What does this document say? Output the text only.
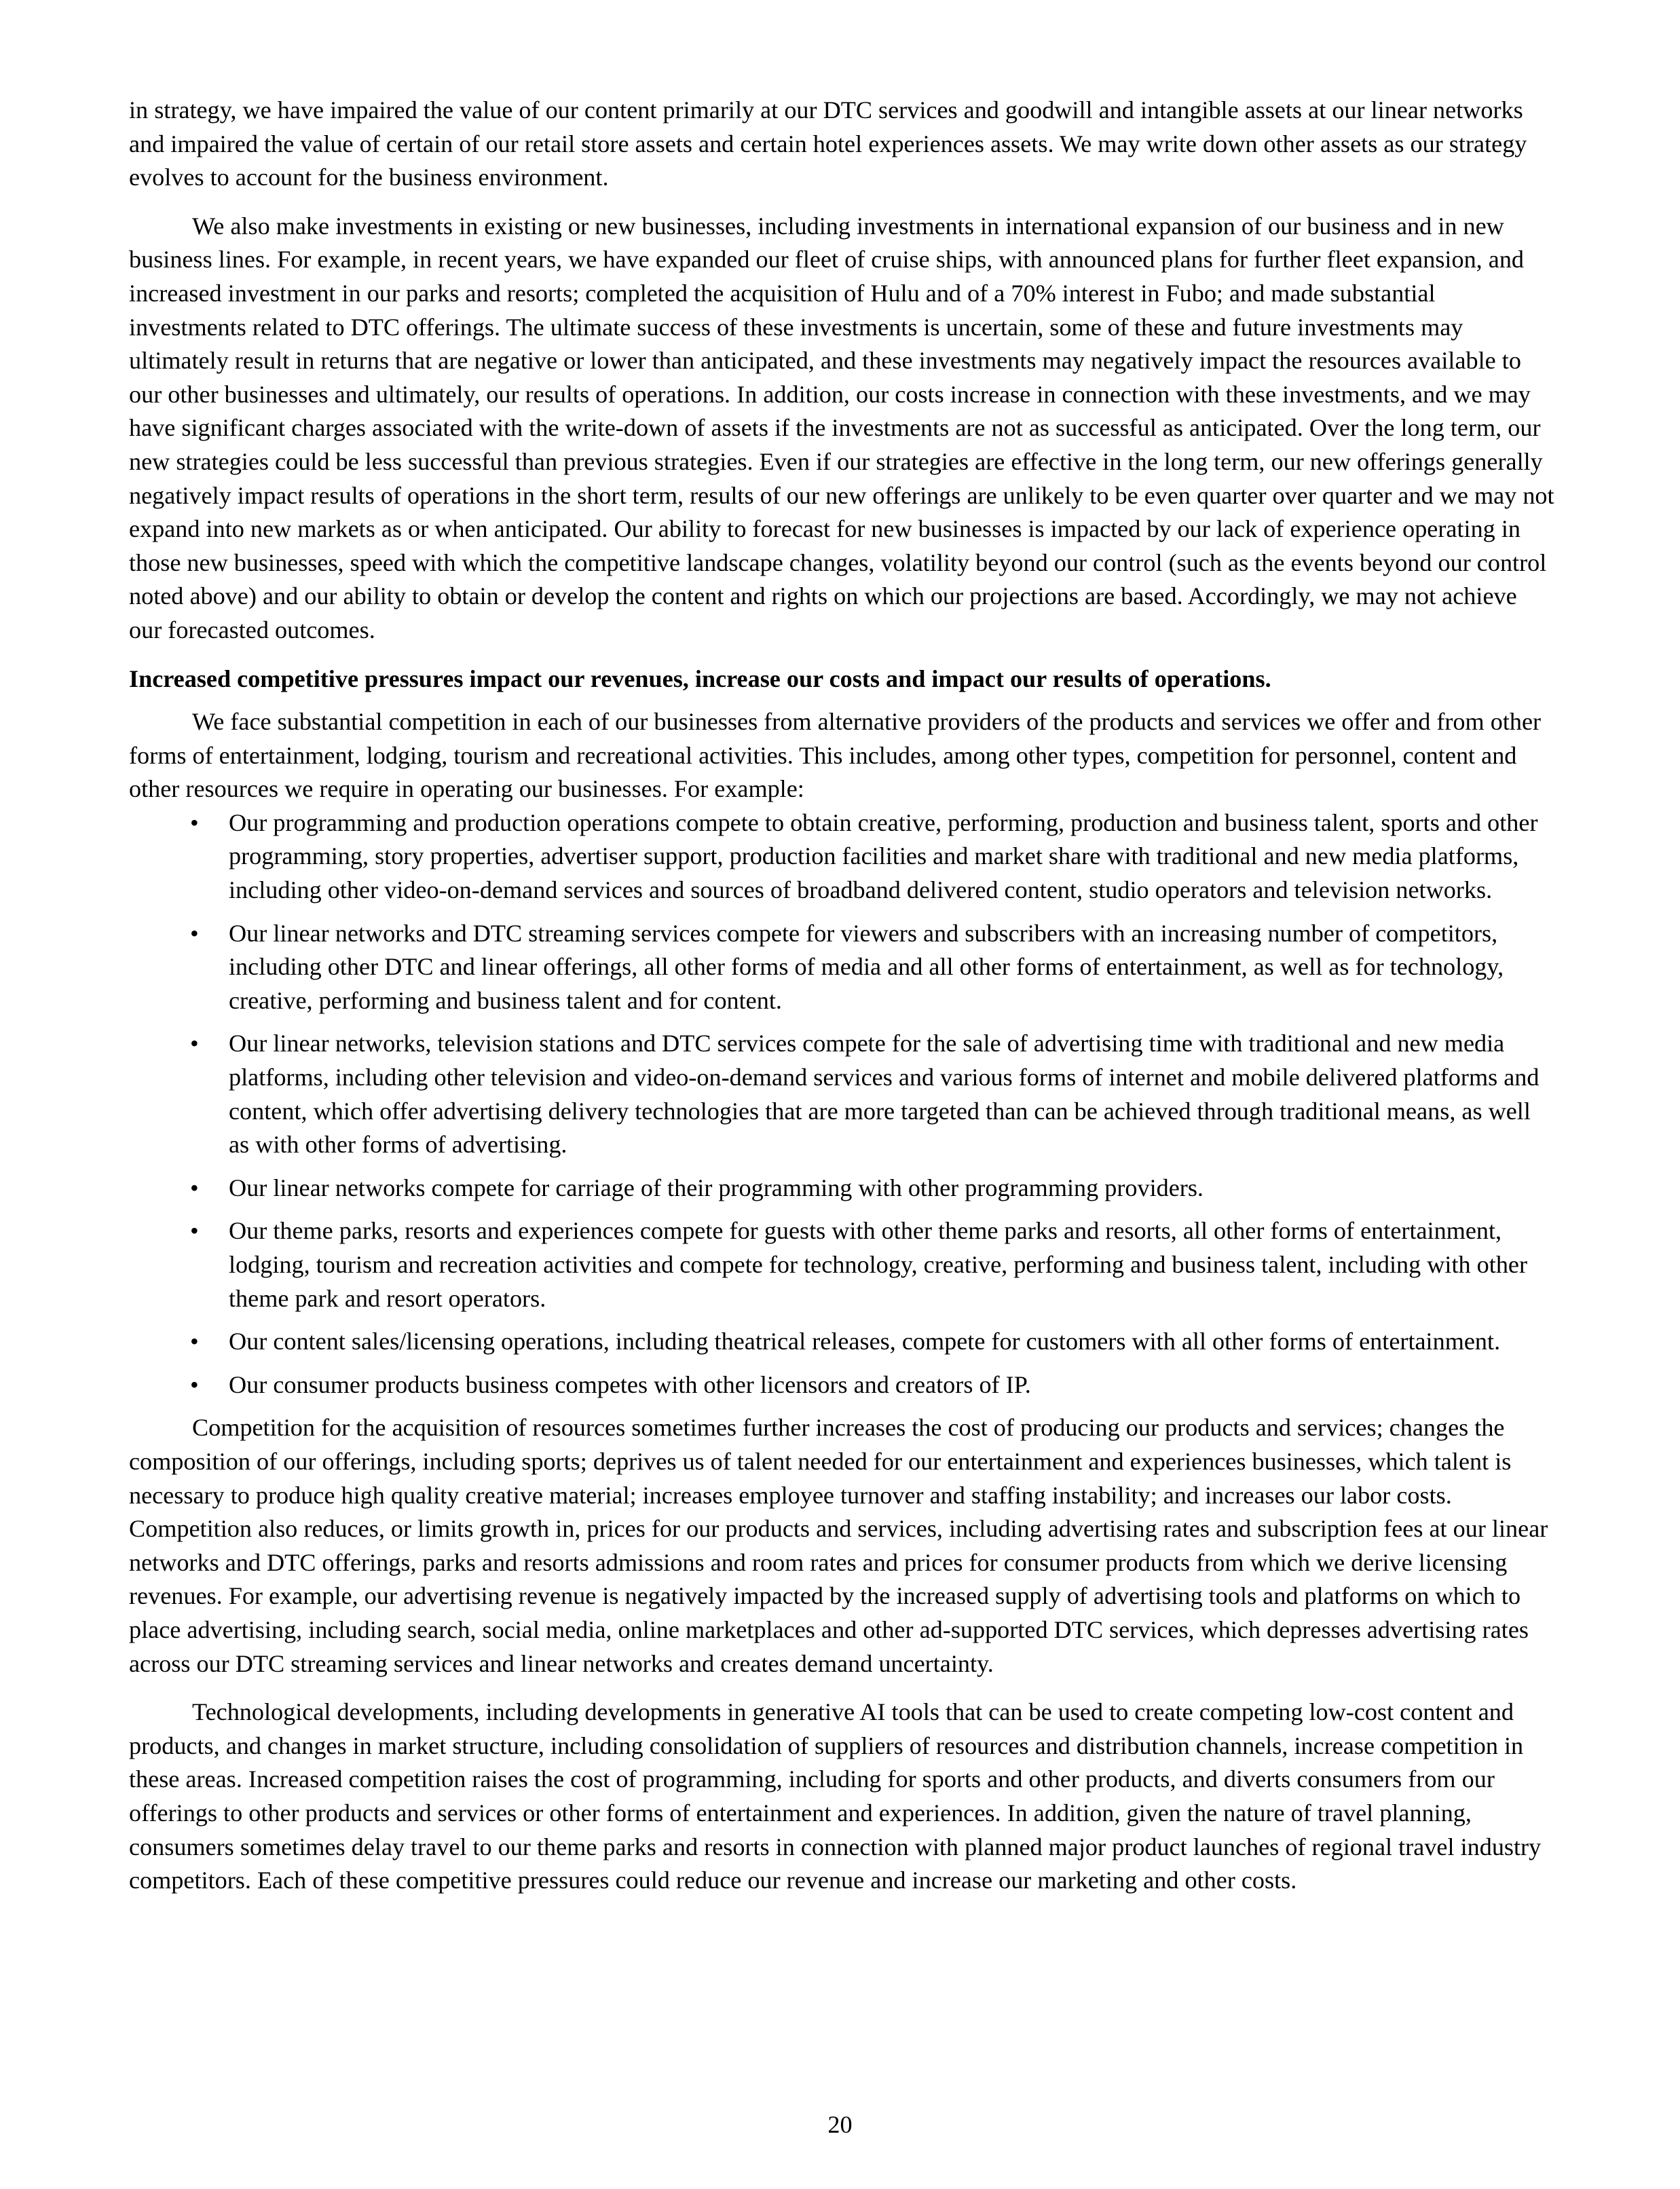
in strategy, we have impaired the value of our content primarily at our DTC services and goodwill and intangible assets at our linear networks and impaired the value of certain of our retail store assets and certain hotel experiences assets. We may write down other assets as our strategy evolves to account for the business environment.

We also make investments in existing or new businesses, including investments in international expansion of our business and in new business lines. For example, in recent years, we have expanded our fleet of cruise ships, with announced plans for further fleet expansion, and increased investment in our parks and resorts; completed the acquisition of Hulu and of a 70% interest in Fubo; and made substantial investments related to DTC offerings. The ultimate success of these investments is uncertain, some of these and future investments may ultimately result in returns that are negative or lower than anticipated, and these investments may negatively impact the resources available to our other businesses and ultimately, our results of operations. In addition, our costs increase in connection with these investments, and we may have significant charges associated with the write-down of assets if the investments are not as successful as anticipated. Over the long term, our new strategies could be less successful than previous strategies. Even if our strategies are effective in the long term, our new offerings generally negatively impact results of operations in the short term, results of our new offerings are unlikely to be even quarter over quarter and we may not expand into new markets as or when anticipated. Our ability to forecast for new businesses is impacted by our lack of experience operating in those new businesses, speed with which the competitive landscape changes, volatility beyond our control (such as the events beyond our control noted above) and our ability to obtain or develop the content and rights on which our projections are based. Accordingly, we may not achieve our forecasted outcomes.

Increased competitive pressures impact our revenues, increase our costs and impact our results of operations.

We face substantial competition in each of our businesses from alternative providers of the products and services we offer and from other forms of entertainment, lodging, tourism and recreational activities. This includes, among other types, competition for personnel, content and other resources we require in operating our businesses. For example:

• Our programming and production operations compete to obtain creative, performing, production and business talent, sports and other programming, story properties, advertiser support, production facilities and market share with traditional and new media platforms, including other video-on-demand services and sources of broadband delivered content, studio operators and television networks.
• Our linear networks and DTC streaming services compete for viewers and subscribers with an increasing number of competitors, including other DTC and linear offerings, all other forms of media and all other forms of entertainment, as well as for technology, creative, performing and business talent and for content.
• Our linear networks, television stations and DTC services compete for the sale of advertising time with traditional and new media platforms, including other television and video-on-demand services and various forms of internet and mobile delivered platforms and content, which offer advertising delivery technologies that are more targeted than can be achieved through traditional means, as well as with other forms of advertising.
• Our linear networks compete for carriage of their programming with other programming providers.
• Our theme parks, resorts and experiences compete for guests with other theme parks and resorts, all other forms of entertainment, lodging, tourism and recreation activities and compete for technology, creative, performing and business talent, including with other theme park and resort operators.
• Our content sales/licensing operations, including theatrical releases, compete for customers with all other forms of entertainment.
• Our consumer products business competes with other licensors and creators of IP.

Competition for the acquisition of resources sometimes further increases the cost of producing our products and services; changes the composition of our offerings, including sports; deprives us of talent needed for our entertainment and experiences businesses, which talent is necessary to produce high quality creative material; increases employee turnover and staffing instability; and increases our labor costs. Competition also reduces, or limits growth in, prices for our products and services, including advertising rates and subscription fees at our linear networks and DTC offerings, parks and resorts admissions and room rates and prices for consumer products from which we derive licensing revenues. For example, our advertising revenue is negatively impacted by the increased supply of advertising tools and platforms on which to place advertising, including search, social media, online marketplaces and other ad-supported DTC services, which depresses advertising rates across our DTC streaming services and linear networks and creates demand uncertainty.

Technological developments, including developments in generative AI tools that can be used to create competing low-cost content and products, and changes in market structure, including consolidation of suppliers of resources and distribution channels, increase competition in these areas. Increased competition raises the cost of programming, including for sports and other products, and diverts consumers from our offerings to other products and services or other forms of entertainment and experiences. In addition, given the nature of travel planning, consumers sometimes delay travel to our theme parks and resorts in connection with planned major product launches of regional travel industry competitors. Each of these competitive pressures could reduce our revenue and increase our marketing and other costs.

20
